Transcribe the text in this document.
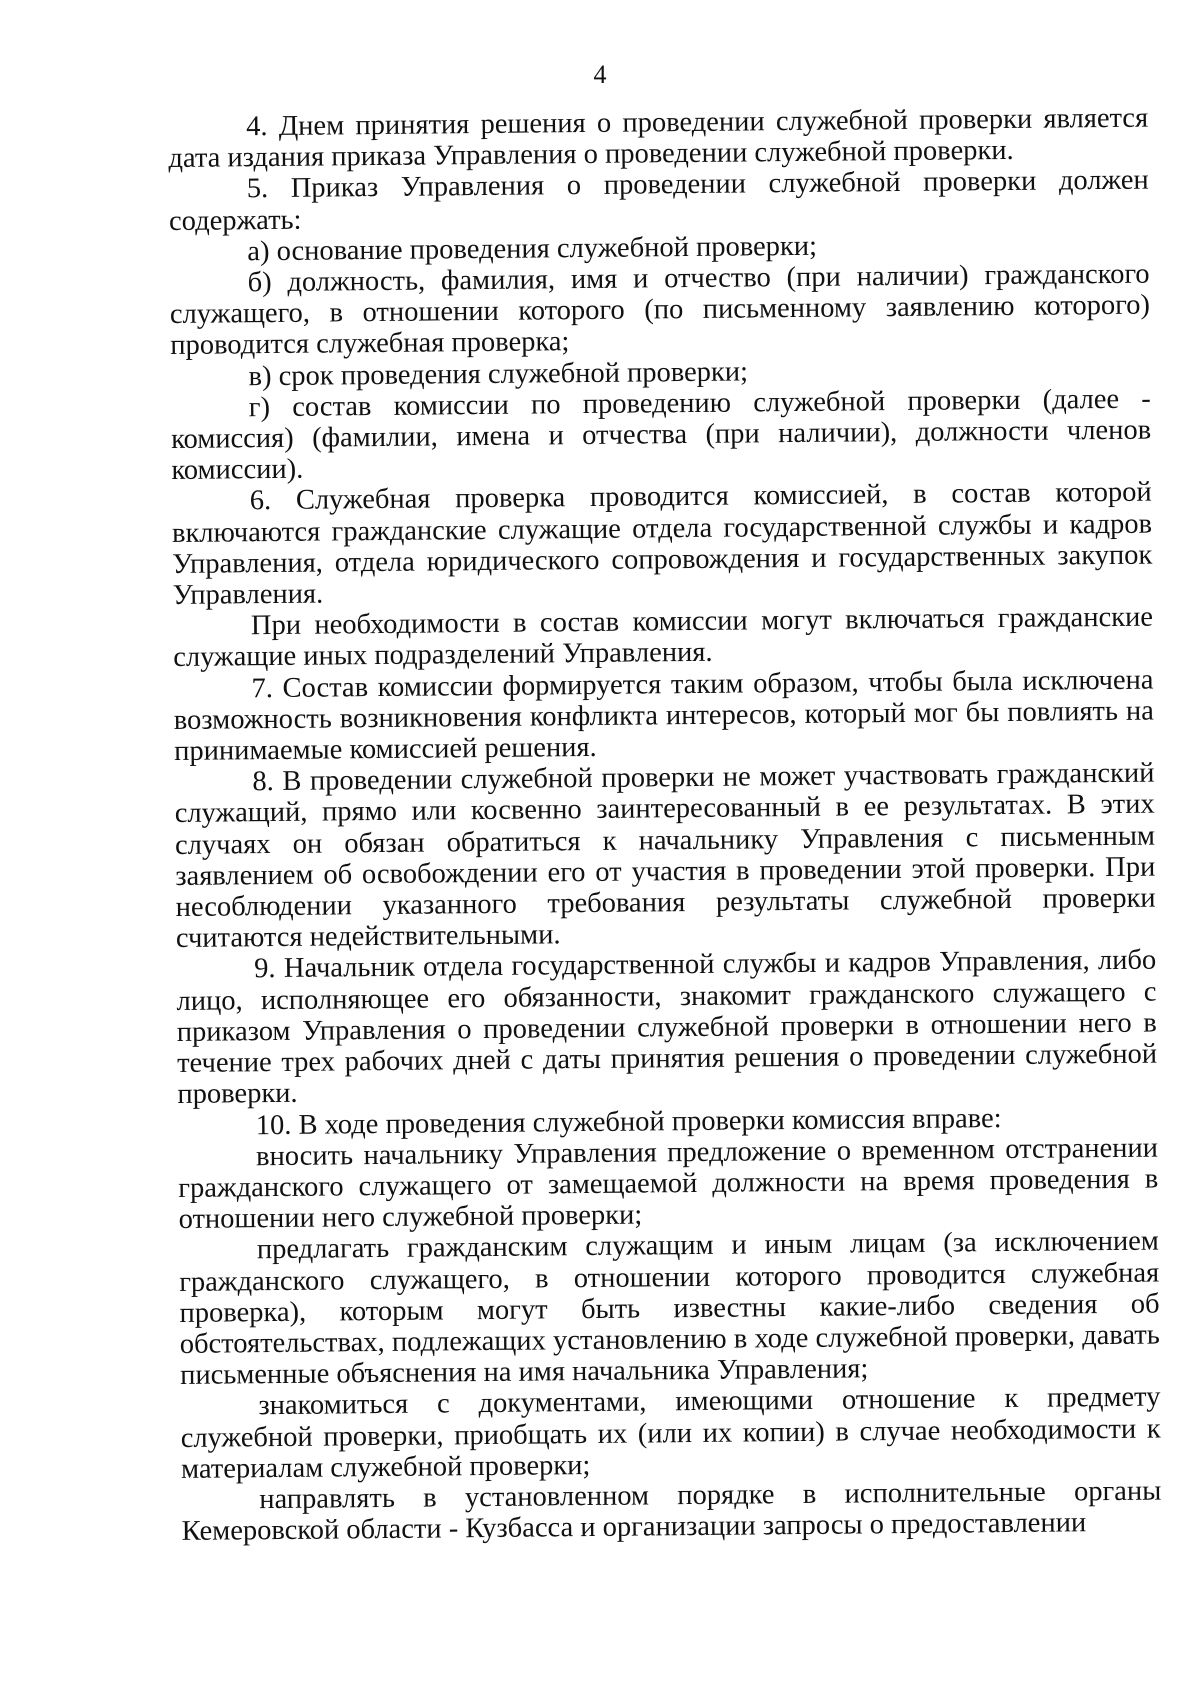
4

4. Днем принятия решения о проведении служебной проверки является дата издания приказа Управления о проведении служебной проверки.

5. Приказ Управления о проведении служебной проверки должен содержать:

а) основание проведения служебной проверки;

б) должность, фамилия, имя и отчество (при наличии) гражданского служащего, в отношении которого (по письменному заявлению которого) проводится служебная проверка;

в) срок проведения служебной проверки;

г) состав комиссии по проведению служебной проверки (далее - комиссия) (фамилии, имена и отчества (при наличии), должности членов комиссии).

6. Служебная проверка проводится комиссией, в состав которой включаются гражданские служащие отдела государственной службы и кадров Управления, отдела юридического сопровождения и государственных закупок Управления.

При необходимости в состав комиссии могут включаться гражданские служащие иных подразделений Управления.

7. Состав комиссии формируется таким образом, чтобы была исключена возможность возникновения конфликта интересов, который мог бы повлиять на принимаемые комиссией решения.

8. В проведении служебной проверки не может участвовать гражданский служащий, прямо или косвенно заинтересованный в ее результатах. В этих случаях он обязан обратиться к начальнику Управления с письменным заявлением об освобождении его от участия в проведении этой проверки. При несоблюдении указанного требования результаты служебной проверки считаются недействительными.

9. Начальник отдела государственной службы и кадров Управления, либо лицо, исполняющее его обязанности, знакомит гражданского служащего с приказом Управления о проведении служебной проверки в отношении него в течение трех рабочих дней с даты принятия решения о проведении служебной проверки.

10. В ходе проведения служебной проверки комиссия вправе:

вносить начальнику Управления предложение о временном отстранении гражданского служащего от замещаемой должности на время проведения в отношении него служебной проверки;

предлагать гражданским служащим и иным лицам (за исключением гражданского служащего, в отношении которого проводится служебная проверка), которым могут быть известны какие-либо сведения об обстоятельствах, подлежащих установлению в ходе служебной проверки, давать письменные объяснения на имя начальника Управления;

знакомиться с документами, имеющими отношение к предмету служебной проверки, приобщать их (или их копии) в случае необходимости к материалам служебной проверки;

направлять в установленном порядке в исполнительные органы Кемеровской области - Кузбасса и организации запросы о предоставлении
